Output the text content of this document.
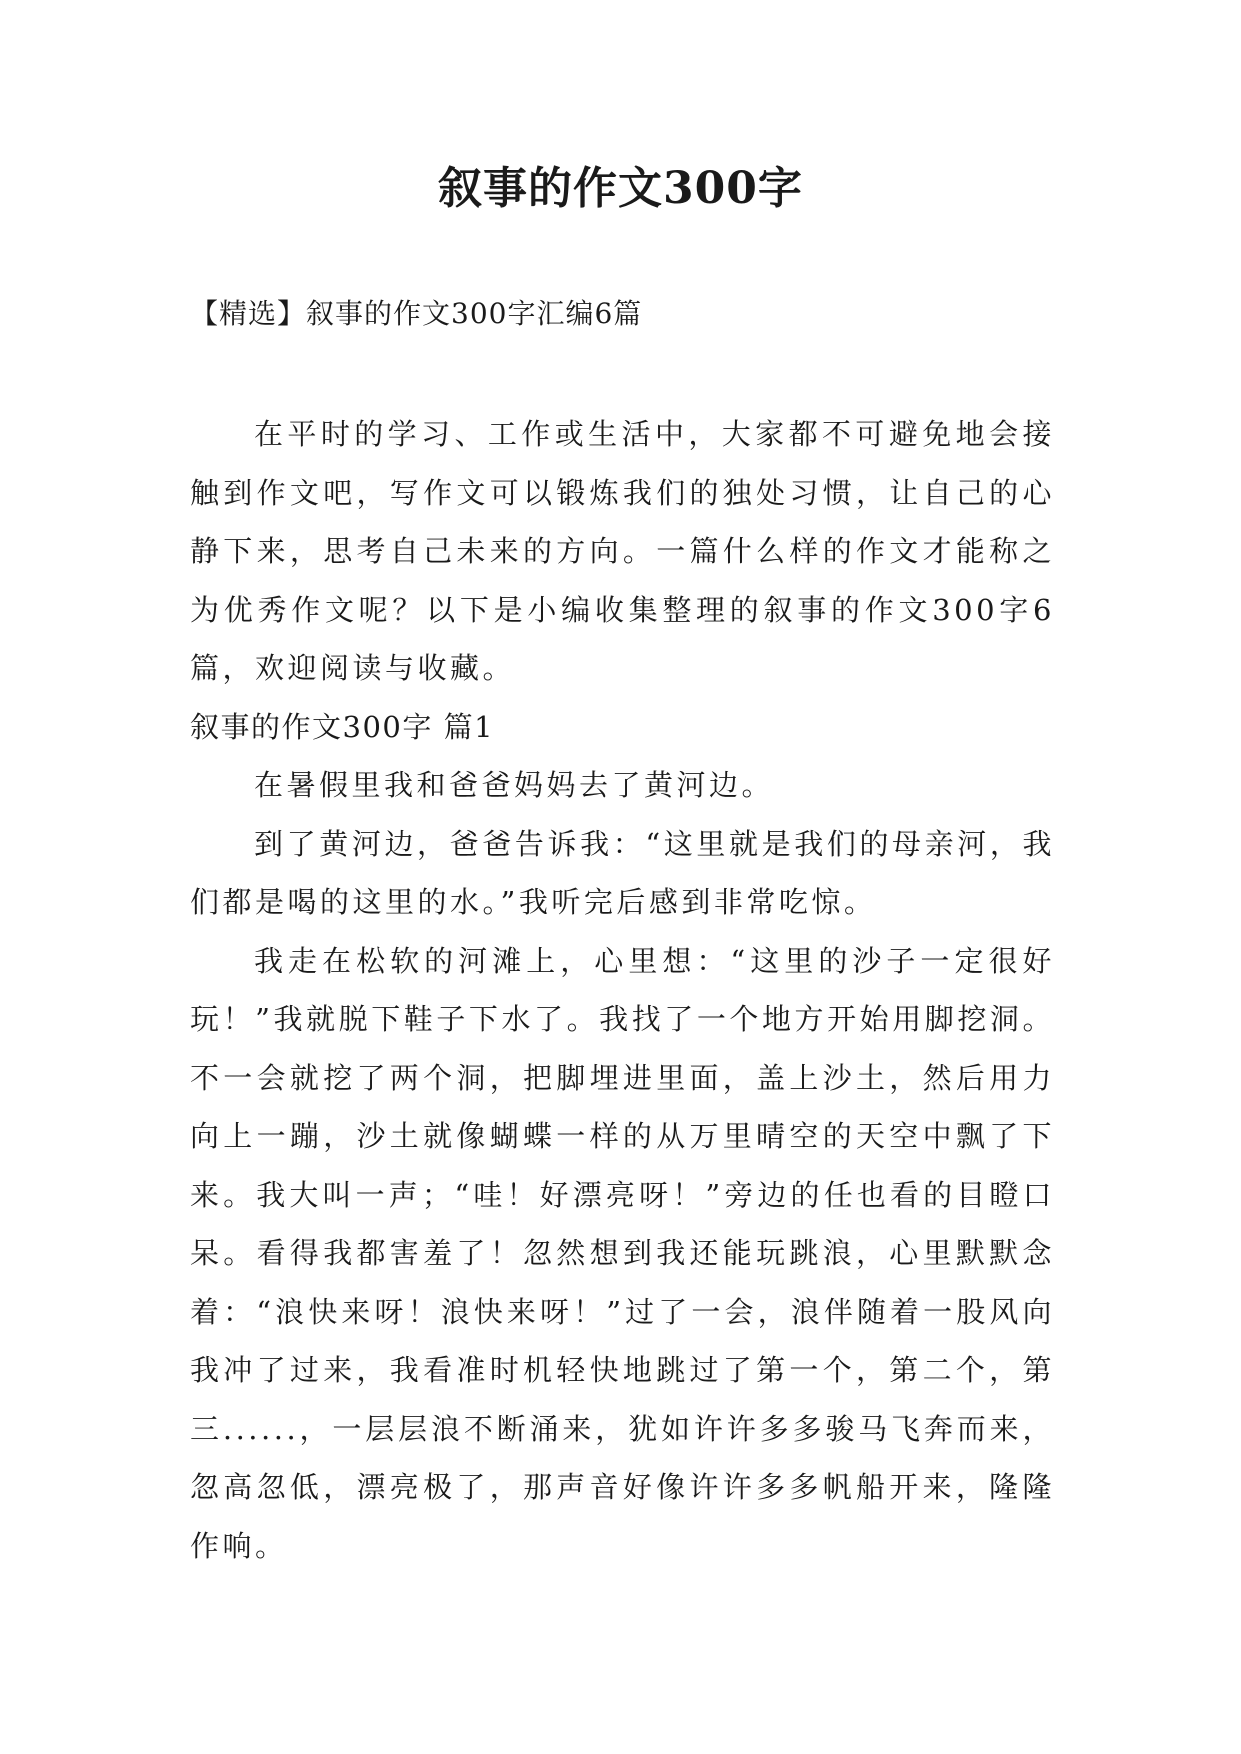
叙事的作文300字
【精选】叙事的作文300字汇编6篇

在平时的学习、工作或生活中，大家都不可避免地会接触到作文吧，写作文可以锻炼我们的独处习惯，让自己的心静下来，思考自己未来的方向。一篇什么样的作文才能称之为优秀作文呢？以下是小编收集整理的叙事的作文300字6篇，欢迎阅读与收藏。

叙事的作文300字 篇1

在暑假里我和爸爸妈妈去了黄河边。

到了黄河边，爸爸告诉我：“这里就是我们的母亲河，我们都是喝的这里的水。”我听完后感到非常吃惊。

我走在松软的河滩上，心里想：“这里的沙子一定很好玩！”我就脱下鞋子下水了。我找了一个地方开始用脚挖洞。不一会就挖了两个洞，把脚埋进里面，盖上沙土，然后用力向上一蹦，沙土就像蝴蝶一样的从万里晴空的天空中飘了下来。我大叫一声；“哇！好漂亮呀！”旁边的任也看的目瞪口呆。看得我都害羞了！忽然想到我还能玩跳浪，心里默默念着：“浪快来呀！浪快来呀！”过了一会，浪伴随着一股风向我冲了过来，我看准时机轻快地跳过了第一个，第二个，第三......，一层层浪不断涌来，犹如许许多多骏马飞奔而来，忽高忽低，漂亮极了，那声音好像许许多多帆船开来，隆隆作响。
